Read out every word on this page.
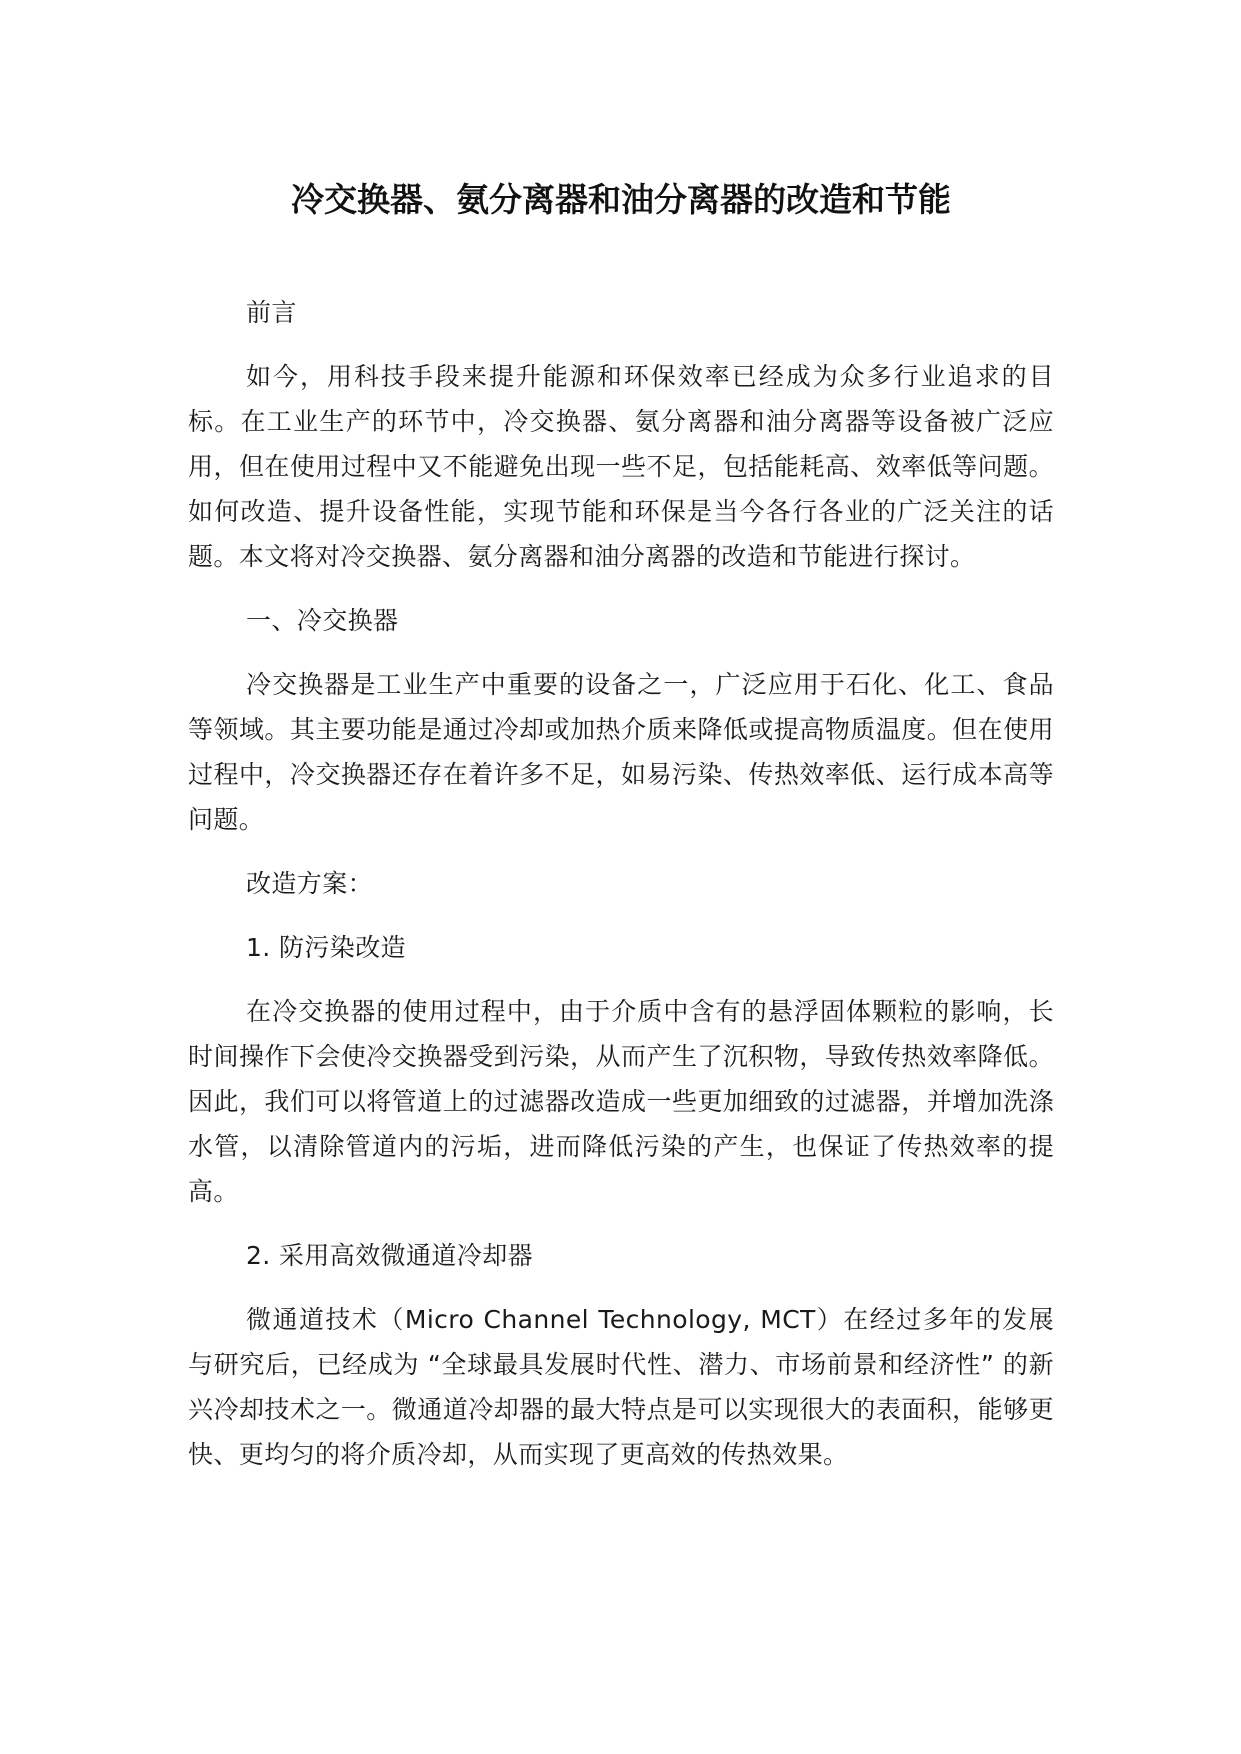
冷交换器、氨分离器和油分离器的改造和节能

前言

如今，用科技手段来提升能源和环保效率已经成为众多行业追求的目标。在工业生产的环节中，冷交换器、氨分离器和油分离器等设备被广泛应用，但在使用过程中又不能避免出现一些不足，包括能耗高、效率低等问题。如何改造、提升设备性能，实现节能和环保是当今各行各业的广泛关注的话题。本文将对冷交换器、氨分离器和油分离器的改造和节能进行探讨。

一、冷交换器

冷交换器是工业生产中重要的设备之一，广泛应用于石化、化工、食品等领域。其主要功能是通过冷却或加热介质来降低或提高物质温度。但在使用过程中，冷交换器还存在着许多不足，如易污染、传热效率低、运行成本高等问题。

改造方案：

1. 防污染改造

在冷交换器的使用过程中，由于介质中含有的悬浮固体颗粒的影响，长时间操作下会使冷交换器受到污染，从而产生了沉积物，导致传热效率降低。因此，我们可以将管道上的过滤器改造成一些更加细致的过滤器，并增加洗涤水管，以清除管道内的污垢，进而降低污染的产生，也保证了传热效率的提高。

2. 采用高效微通道冷却器

微通道技术（Micro Channel Technology, MCT）在经过多年的发展与研究后，已经成为 “全球最具发展时代性、潜力、市场前景和经济性” 的新兴冷却技术之一。微通道冷却器的最大特点是可以实现很大的表面积，能够更快、更均匀的将介质冷却，从而实现了更高效的传热效果。
